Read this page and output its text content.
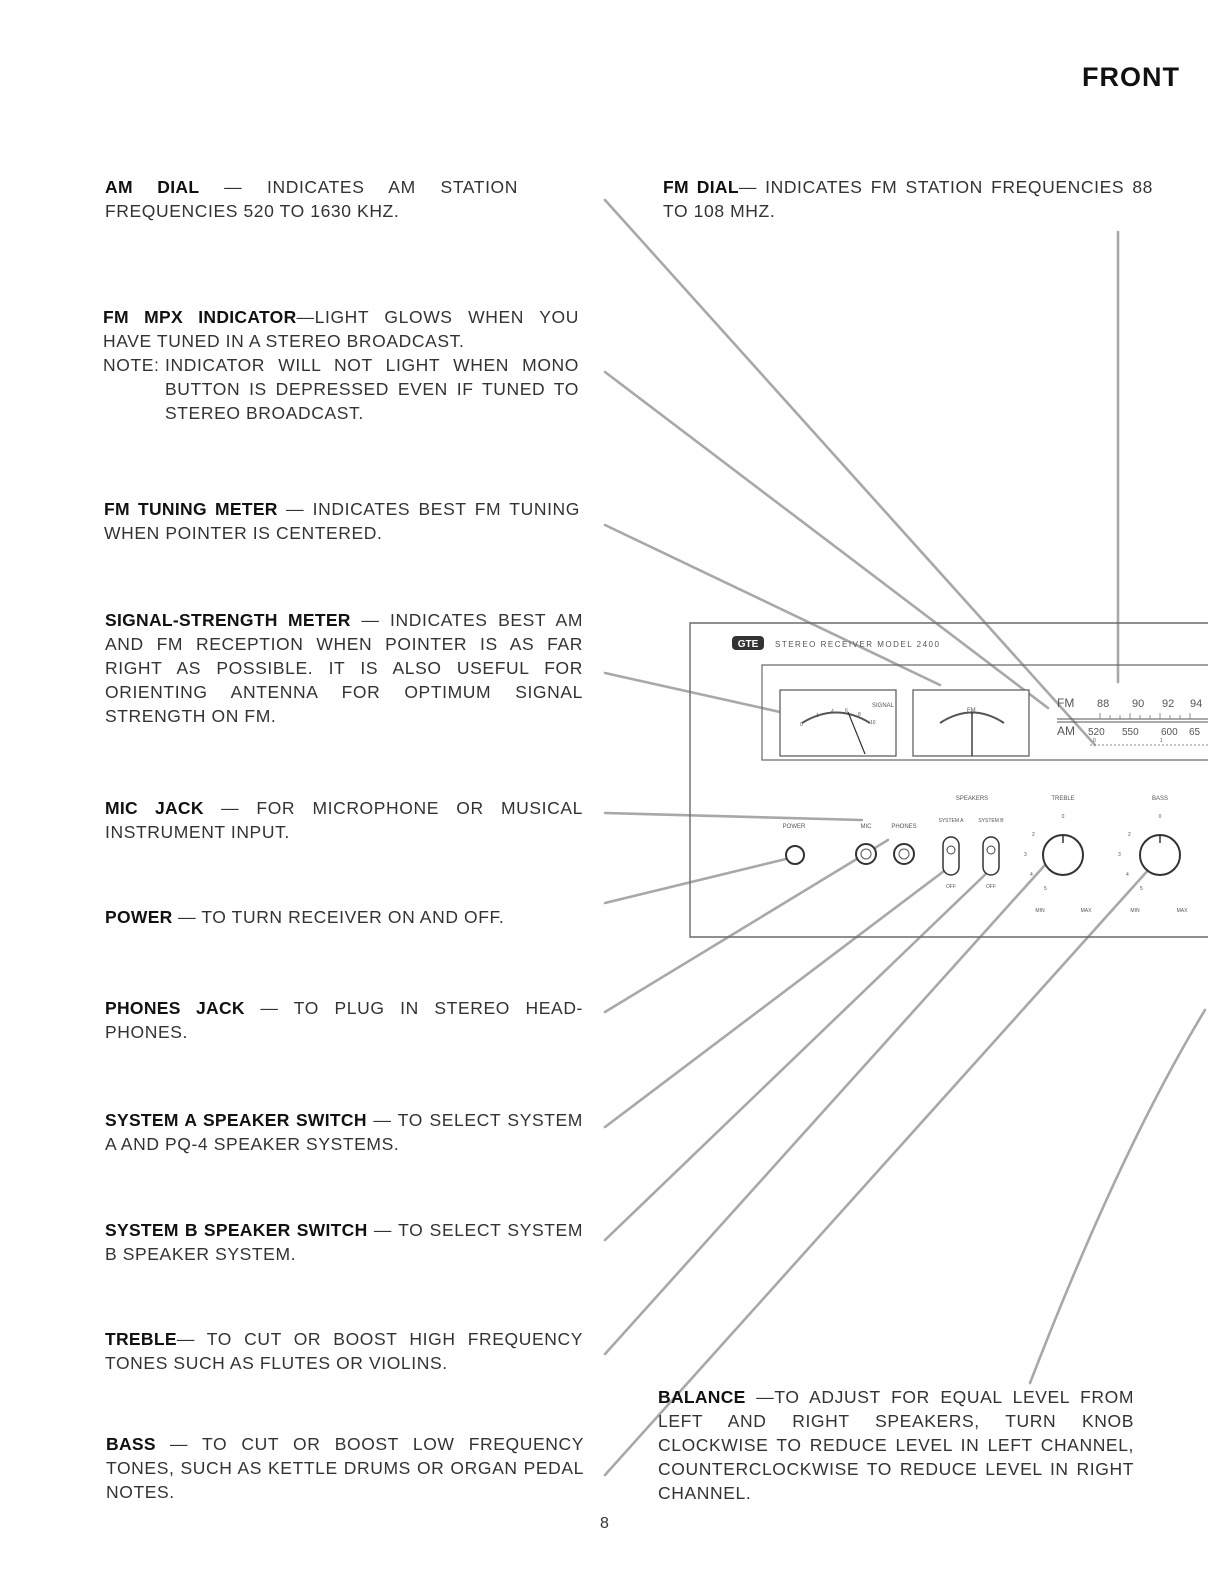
FRONT
GTE STEREO RECEIVER MODEL 2400
SIGNAL
0
1
4 6
8
10
FM
FM 88 90 92 94
AM 520 550 600 65
0	1
SPEAKERS	TREBLE	BASS
POWER	MIC	PHONES
SYSTEM A	SYSTEM B
OFF	OFF
0
2
3
4
5
MIN	MAX
0
2
3
4
5
MIN	MAX
AM DIAL — INDICATES AM STATION FREQUENCIES 520 TO 1630 KHZ.
FM DIAL— INDICATES FM STATION FREQUENCIES 88 TO 108 MHZ.
FM MPX INDICATOR—LIGHT GLOWS WHEN YOU HAVE TUNED IN A STEREO BROADCAST.
NOTE: INDICATOR WILL NOT LIGHT WHEN MONO BUTTON IS DEPRESSED EVEN IF TUNED TO STEREO BROADCAST.
FM TUNING METER — INDICATES BEST FM TUNING WHEN POINTER IS CENTERED.
SIGNAL-STRENGTH METER — INDICATES BEST AM AND FM RECEPTION WHEN POINTER IS AS FAR RIGHT AS POSSIBLE. IT IS ALSO USEFUL FOR ORIENTING ANTENNA FOR OPTIMUM SIGNAL STRENGTH ON FM.
MIC JACK — FOR MICROPHONE OR MUSICAL INSTRUMENT INPUT.
POWER — TO TURN RECEIVER ON AND OFF.
PHONES JACK — TO PLUG IN STEREO HEAD-PHONES.
SYSTEM A SPEAKER SWITCH — TO SELECT SYSTEM A AND PQ-4 SPEAKER SYSTEMS.
SYSTEM B SPEAKER SWITCH — TO SELECT SYSTEM B SPEAKER SYSTEM.
TREBLE— TO CUT OR BOOST HIGH FREQUENCY TONES SUCH AS FLUTES OR VIOLINS.
BASS — TO CUT OR BOOST LOW FREQUENCY TONES, SUCH AS KETTLE DRUMS OR ORGAN PEDAL NOTES.
BALANCE —TO ADJUST FOR EQUAL LEVEL FROM LEFT AND RIGHT SPEAKERS, TURN KNOB CLOCKWISE TO REDUCE LEVEL IN LEFT CHANNEL, COUNTERCLOCKWISE TO REDUCE LEVEL IN RIGHT CHANNEL.
8
